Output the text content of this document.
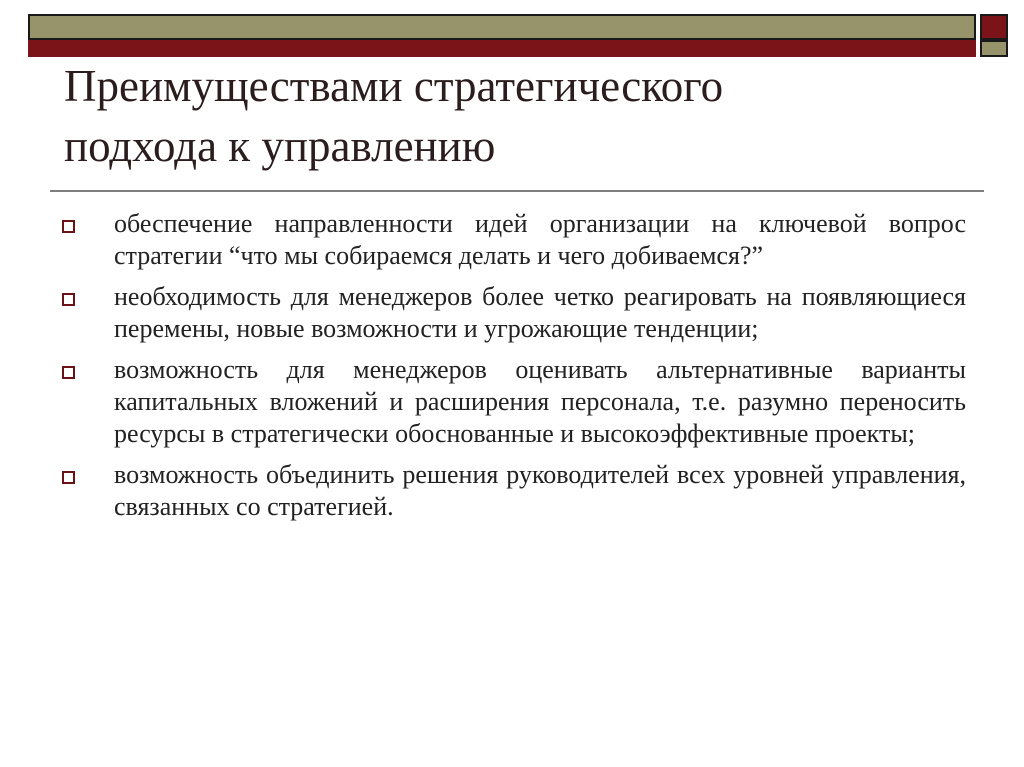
Преимуществами стратегического
подхода к управлению
обеспечение направленности идей организации на ключевой вопрос стратегии “что мы собираемся делать и чего добиваемся?”
необходимость для менеджеров более четко реагировать на появляющиеся перемены, новые возможности и угрожающие тенденции;
возможность для менеджеров оценивать альтернативные варианты капитальных вложений и расширения персонала, т.е. разумно переносить ресурсы в стратегически обоснованные и высокоэффективные проекты;
возможность объединить решения руководителей всех уровней управления, связанных со стратегией.
